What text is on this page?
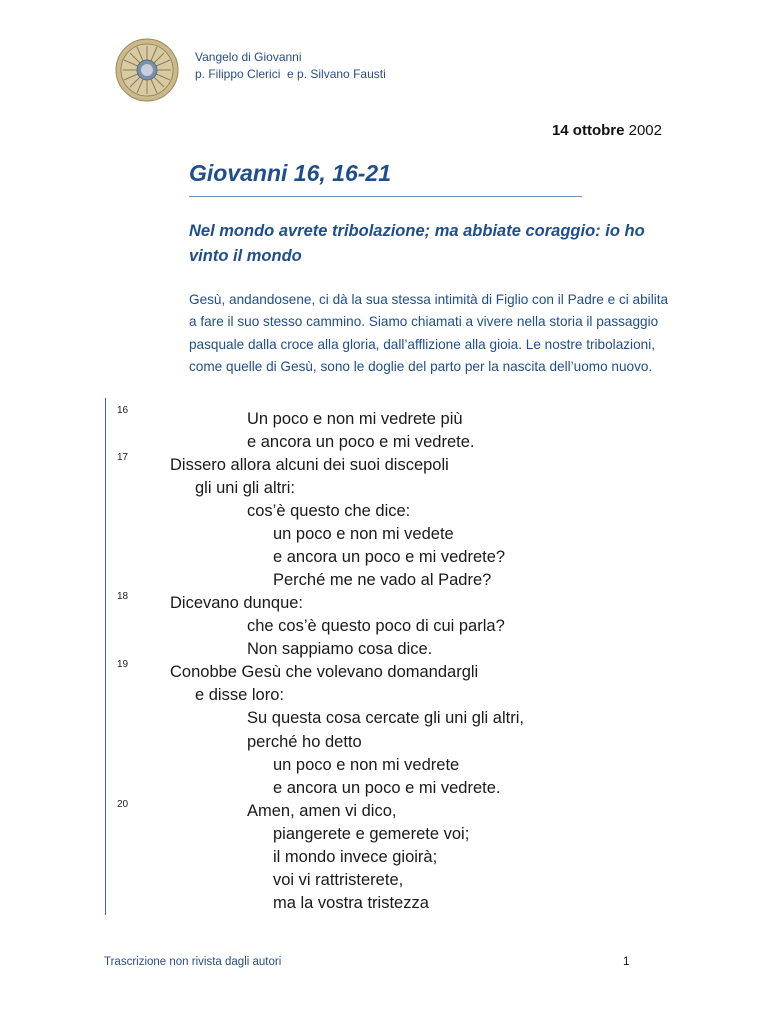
Vangelo di Giovanni
p. Filippo Clerici  e p. Silvano Fausti
14 ottobre 2002
Giovanni 16, 16-21
Nel mondo avrete tribolazione; ma abbiate coraggio: io ho vinto il mondo
Gesù, andandosene, ci dà la sua stessa intimità di Figlio con il Padre e ci abilita a fare il suo stesso cammino. Siamo chiamati a vivere nella storia il passaggio pasquale dalla croce alla gloria, dall’afflizione alla gioia. Le nostre tribolazioni, come quelle di Gesù, sono le doglie del parto per la nascita dell’uomo nuovo.
16
17
18
19
20
Un poco e non mi vedrete più
e ancora un poco e mi vedrete.
Dissero allora alcuni dei suoi discepoli
gli uni gli altri:
cos’è questo che dice:
un poco e non mi vedete
e ancora un poco e mi vedrete?
Perché me ne vado al Padre?
Dicevano dunque:
che cos’è questo poco di cui parla?
Non sappiamo cosa dice.
Conobbe Gesù che volevano domandargli
e disse loro:
Su questa cosa cercate gli uni gli altri,
perché ho detto
un poco e non mi vedrete
e ancora un poco e mi vedrete.
Amen, amen vi dico,
piangerete e gemerete voi;
il mondo invece gioirà;
voi vi rattristerete,
ma la vostra tristezza
Trascrizione non rivista dagli autori	1
